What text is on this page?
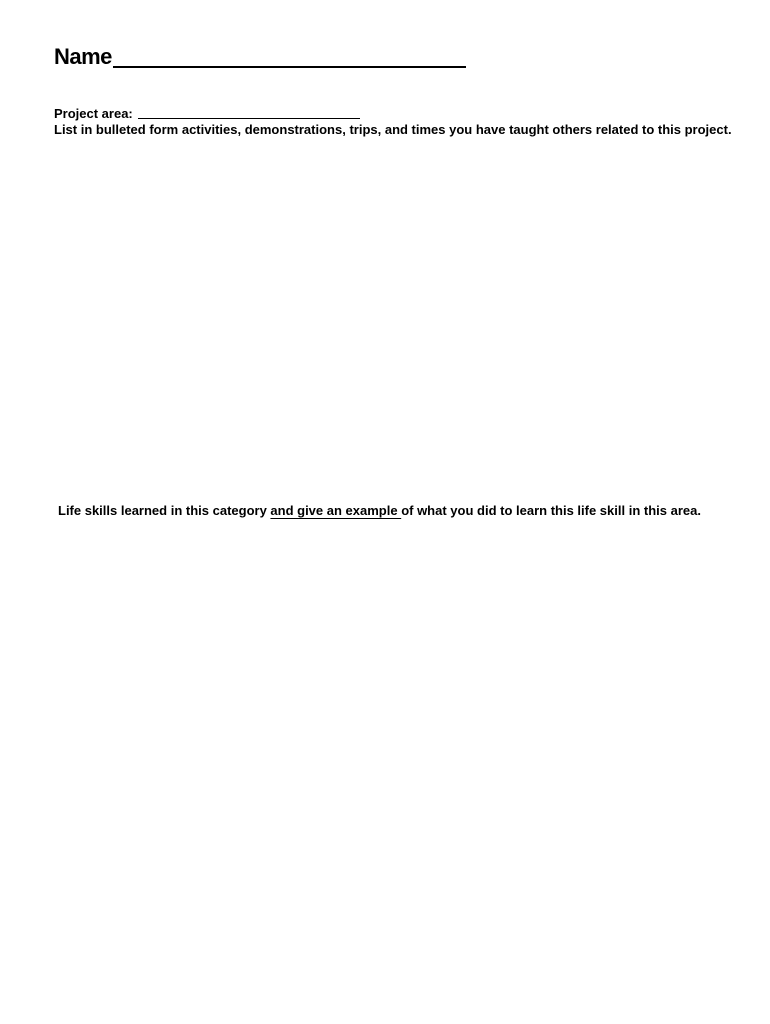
Name
Project area:
List in bulleted form activities, demonstrations, trips, and times you have taught others related to this project.
Life skills learned in this category and give an example of what you did to learn this life skill in this area.
